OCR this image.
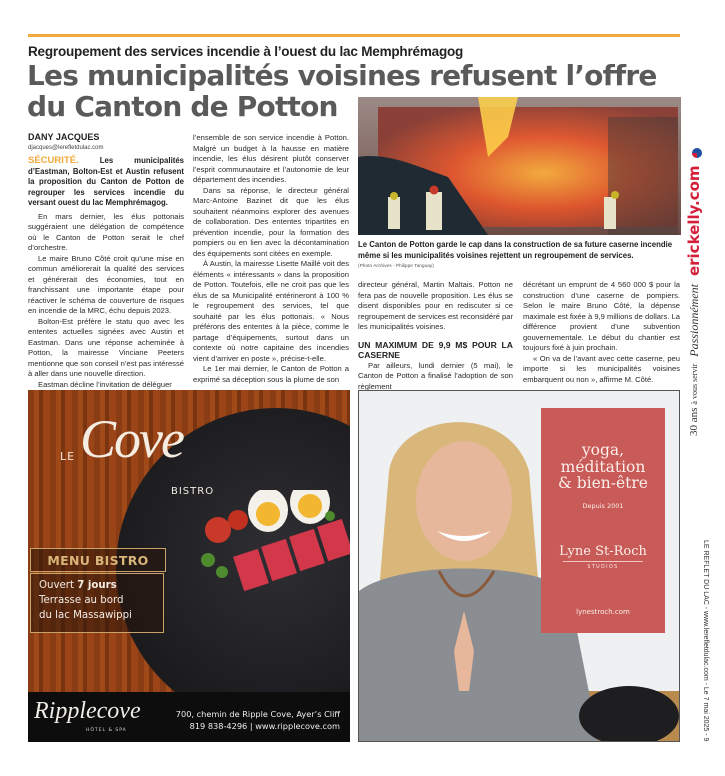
Regroupement des services incendie à l’ouest du lac Memphrémagog
Les municipalités voisines refusent l’offre du Canton de Potton
DANY JACQUES
djacques@lerefletdulac.com

SÉCURITÉ.	Les municipalités d’Eastman, Bolton-Est et Austin refusent la proposition du Canton de Potton de regrouper les services incendie du versant ouest du lac Memphrémagog.

En mars dernier, les élus pottonais suggéraient une délégation de compétence où le Canton de Potton serait le chef d’orchestre.

Le maire Bruno Côté croit qu’une mise en commun améliorerait la qualité des services et générerait des économies, tout en franchissant une importante étape pour réactiver le schéma de couverture de risques en incendie de la MRC, échu depuis 2023.

Bolton-Est préfère le statu quo avec les ententes actuelles signées avec Austin et Eastman. Dans une réponse acheminée à Potton, la mairesse Vinciane Peeters mentionne que son conseil n’est pas intéressé à aller dans une nouvelle direction.

Eastman décline l’invitation de déléguer

l’ensemble de son service incendie à Potton. Malgré un budget à la hausse en matière incendie, les élus désirent plutôt conserver l’esprit communautaire et l’autonomie de leur département des incendies.

Dans sa réponse, le directeur général Marc-Antoine Bazinet dit que les élus souhaitent néanmoins explorer des avenues de collaboration. Des ententes tripartites en prévention incendie, pour la formation des pompiers ou en lien avec la décontamination des équipements sont citées en exemple.

À Austin, la mairesse Lisette Maillé voit des éléments « intéressants » dans la proposition de Potton. Toutefois, elle ne croit pas que les élus de sa Municipalité entérineront à 100 % le regroupement des services, tel que souhaité par les élus pottonais. « Nous préférons des ententes à la pièce, comme le partage d’équipements, surtout dans un contexte où notre capitaine des incendies vient d’arriver en poste », précise-t-elle.

Le 1er mai dernier, le Canton de Potton a exprimé sa déception sous la plume de son

Le Canton de Potton garde le cap dans la construction de sa future caserne incendie même si les municipalités voisines rejettent un regroupement de services.
(Photo Archives - Philippe Tanguay)

directeur général, Martin Maltais. Potton ne fera pas de nouvelle proposition. Les élus se disent disponibles pour en rediscuter si ce regroupement de services est reconsidéré par les municipalités voisines.

UN MAXIMUM DE 9,9 M$ POUR LA CASERNE

Par ailleurs, lundi dernier (5 mai), le Canton de Potton a finalisé l’adoption de son règlement

décrétant un emprunt de 4 560 000 $ pour la construction d’une caserne de pompiers. Selon le maire Bruno Côté, la dépense maximale est fixée à 9,9 millions de dollars. La différence provient d’une subvention gouvernementale. Le début du chantier est toujours fixé à juin prochain.

« On va de l’avant avec cette caserne, peu importe si les municipalités voisines embarquent ou non », affirme M. Côté.

30 ans
à vous servir
Passionnément
erickelly.com
LE REFLET DU LAC - www.lerefletdulac.com - Le 7 mai 2025 - 9
LE Cove
BISTRO
MENU BISTRO
Ouvert 7 jours
Terrasse au bord
du lac Massawippi
Ripplecove
HÔTEL & SPA
700, chemin de Ripple Cove, Ayer’s Cliff
819 838-4296 | www.ripplecove.com
yoga,
méditation
& bien-être
Depuis 2001
Lyne St-Roch
STUDIOS
lynestroch.com
